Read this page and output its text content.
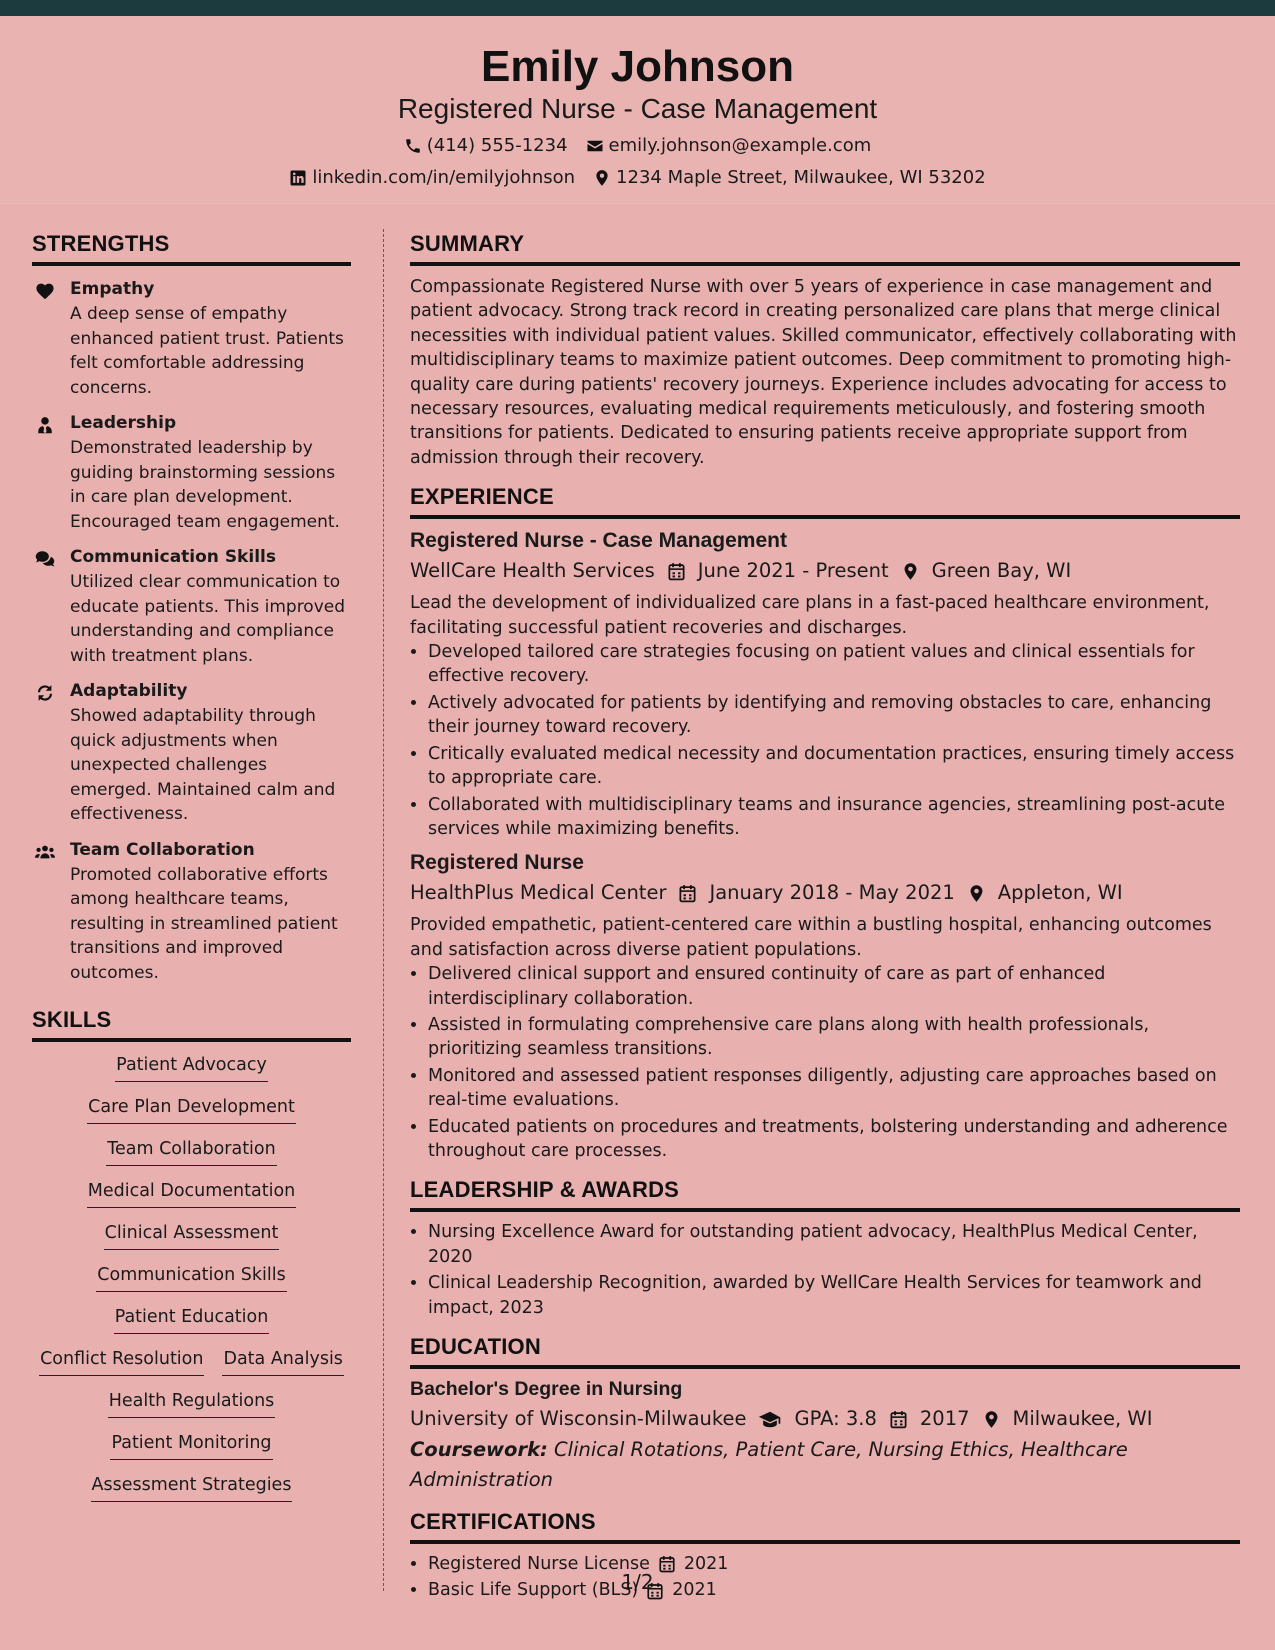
Emily Johnson
Registered Nurse - Case Management
(414) 555-1234 emily.johnson@example.com
linkedin.com/in/emilyjohnson 1234 Maple Street, Milwaukee, WI 53202
STRENGTHS
Empathy
A deep sense of empathy enhanced patient trust. Patients felt comfortable addressing concerns.
Leadership
Demonstrated leadership by guiding brainstorming sessions in care plan development. Encouraged team engagement.
Communication Skills
Utilized clear communication to educate patients. This improved understanding and compliance with treatment plans.
Adaptability
Showed adaptability through quick adjustments when unexpected challenges emerged. Maintained calm and effectiveness.
Team Collaboration
Promoted collaborative efforts among healthcare teams, resulting in streamlined patient transitions and improved outcomes.
SKILLS
Patient Advocacy
Care Plan Development
Team Collaboration
Medical Documentation
Clinical Assessment
Communication Skills
Patient Education
Conflict Resolution Data Analysis
Health Regulations
Patient Monitoring
Assessment Strategies
SUMMARY

Compassionate Registered Nurse with over 5 years of experience in case management and patient advocacy. Strong track record in creating personalized care plans that merge clinical necessities with individual patient values. Skilled communicator, effectively collaborating with multidisciplinary teams to maximize patient outcomes. Deep commitment to promoting high-quality care during patients' recovery journeys. Experience includes advocating for access to necessary resources, evaluating medical requirements meticulously, and fostering smooth transitions for patients. Dedicated to ensuring patients receive appropriate support from admission through their recovery.

EXPERIENCE
Registered Nurse - Case Management
WellCare Health Services June 2021 - Present Green Bay, WI

Lead the development of individualized care plans in a fast-paced healthcare environment, facilitating successful patient recoveries and discharges.

• Developed tailored care strategies focusing on patient values and clinical essentials for effective recovery.
• Actively advocated for patients by identifying and removing obstacles to care, enhancing their journey toward recovery.
• Critically evaluated medical necessity and documentation practices, ensuring timely access to appropriate care.
• Collaborated with multidisciplinary teams and insurance agencies, streamlining post-acute services while maximizing benefits.
Registered Nurse
HealthPlus Medical Center January 2018 - May 2021 Appleton, WI

Provided empathetic, patient-centered care within a bustling hospital, enhancing outcomes and satisfaction across diverse patient populations.

• Delivered clinical support and ensured continuity of care as part of enhanced interdisciplinary collaboration.
• Assisted in formulating comprehensive care plans along with health professionals, prioritizing seamless transitions.
• Monitored and assessed patient responses diligently, adjusting care approaches based on real-time evaluations.
• Educated patients on procedures and treatments, bolstering understanding and adherence throughout care processes.
LEADERSHIP & AWARDS
• Nursing Excellence Award for outstanding patient advocacy, HealthPlus Medical Center, 2020
• Clinical Leadership Recognition, awarded by WellCare Health Services for teamwork and impact, 2023
EDUCATION
Bachelor's Degree in Nursing
University of Wisconsin-Milwaukee GPA: 3.8 2017 Milwaukee, WI
Coursework: Clinical Rotations, Patient Care, Nursing Ethics, Healthcare Administration
CERTIFICATIONS
• Registered Nurse License 2021
• Basic Life Support (BLS) 2021
1/2
